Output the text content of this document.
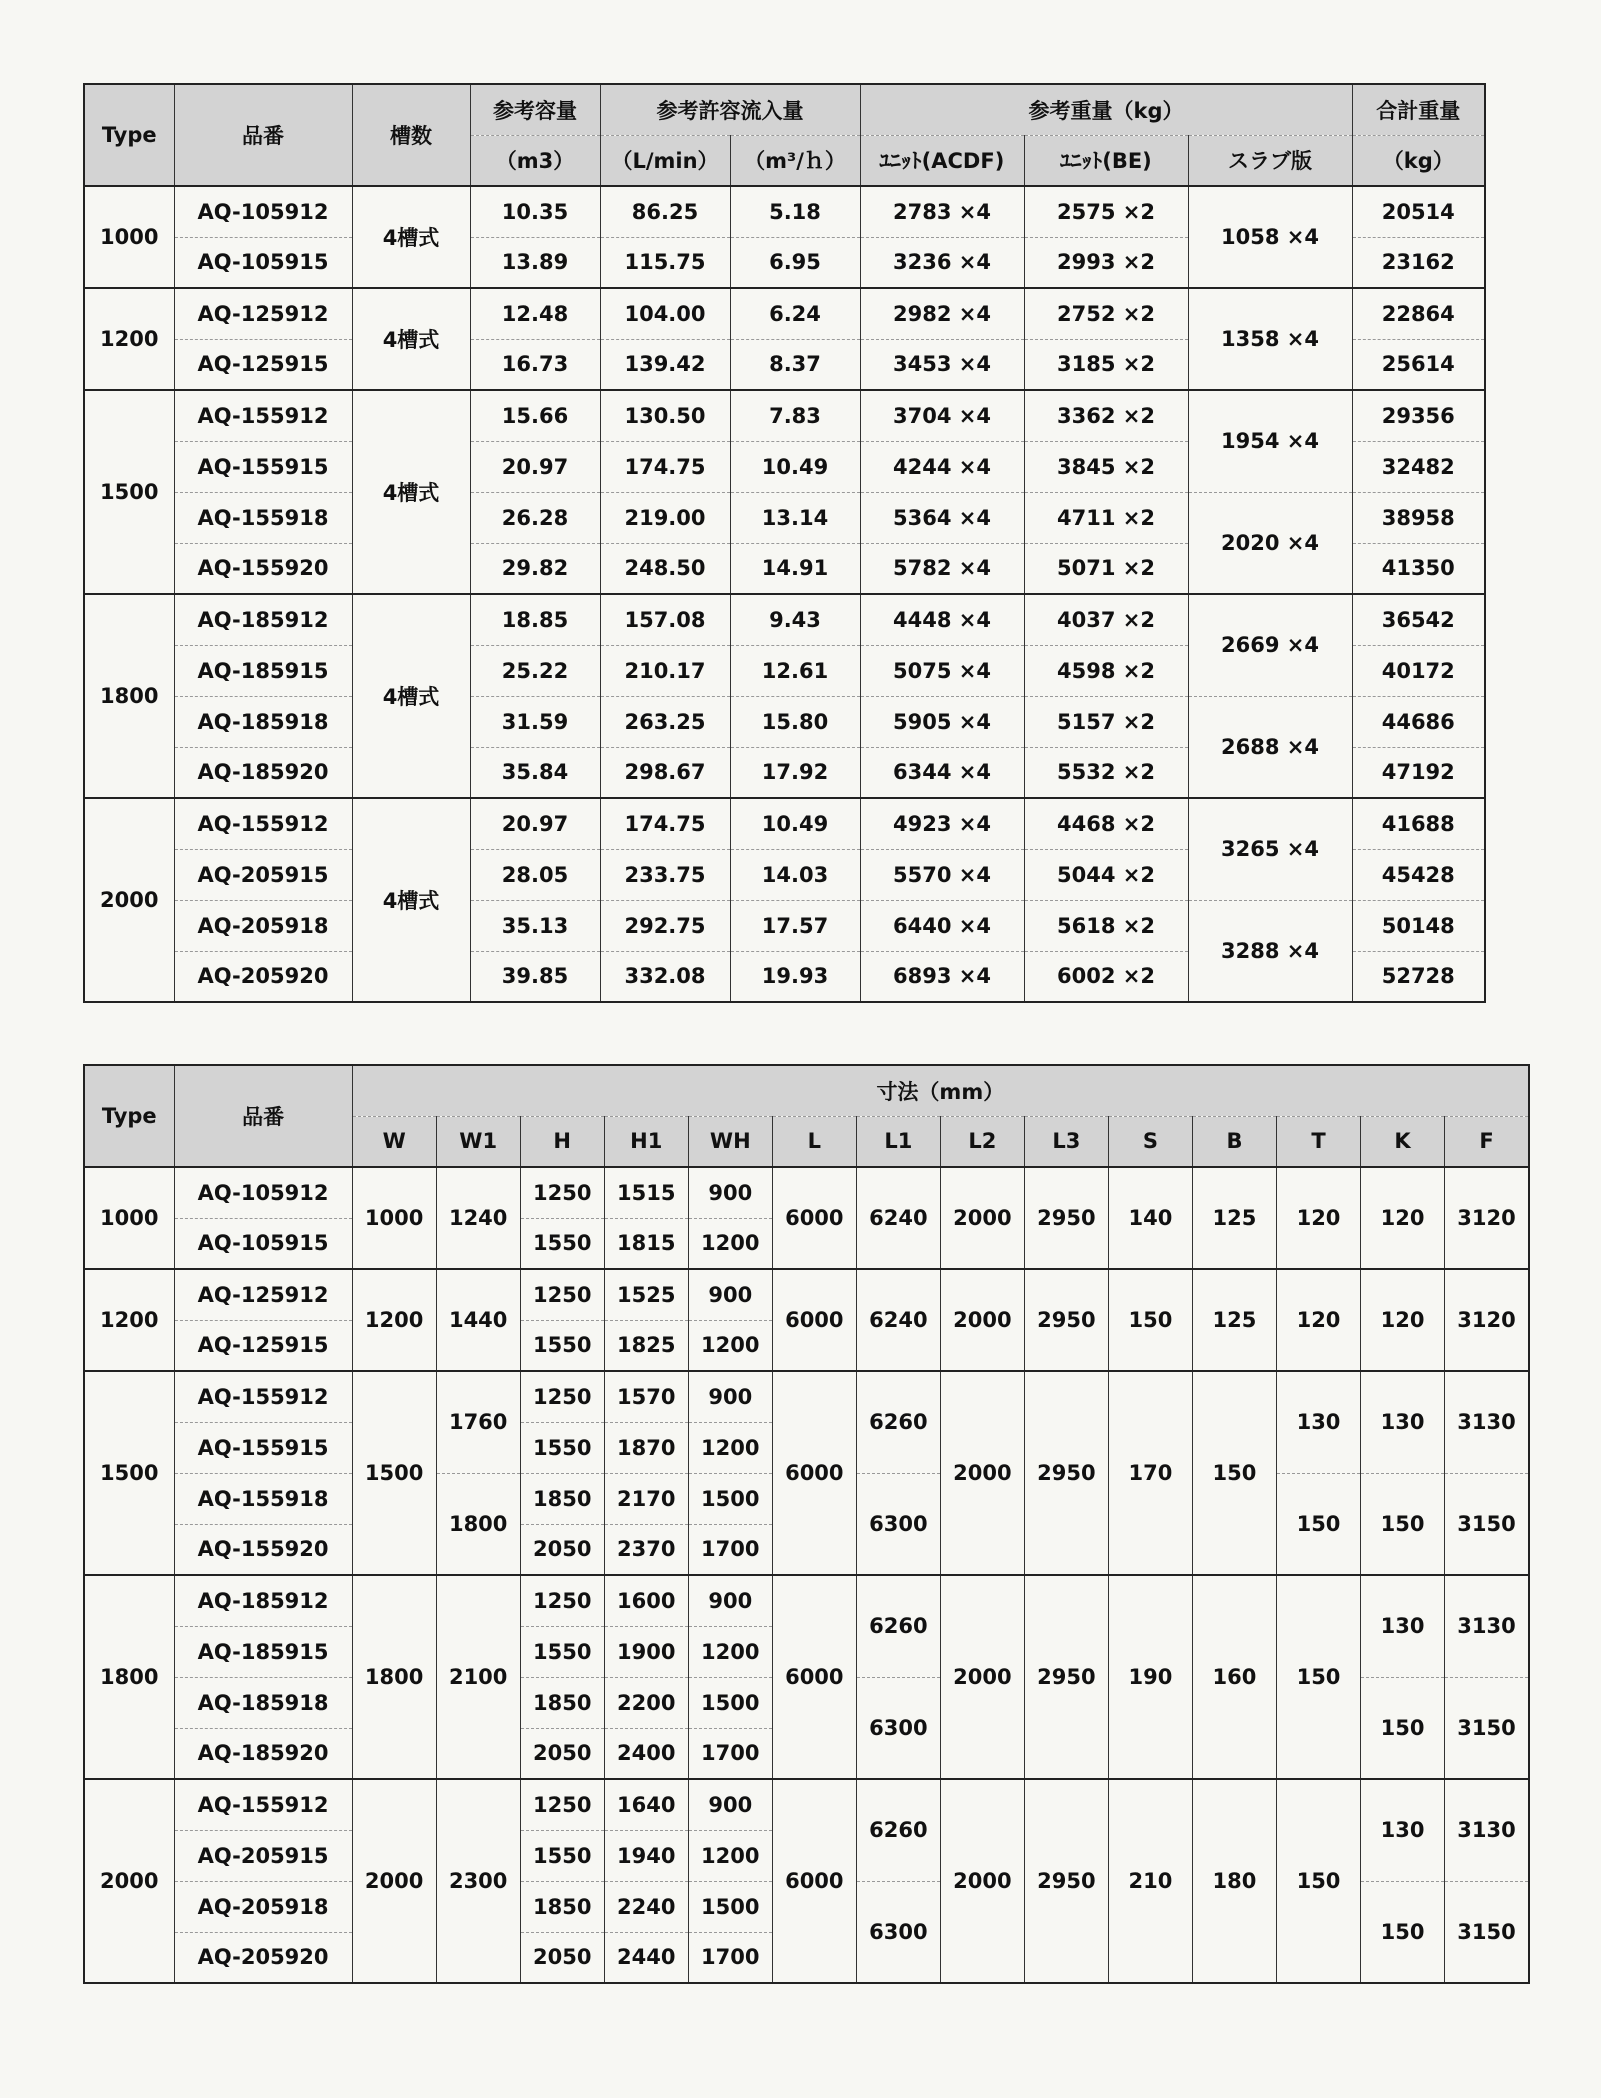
Type	品番	槽数	参考容量	参考許容流入量		参考重量（kg）			合計重量
			（m3）	（L/min）	（m³/ｈ）	ﾕﾆｯﾄ(ACDF)	ﾕﾆｯﾄ(BE)	スラブ版	（kg）
1000	AQ-105912	4槽式	10.35	86.25	5.18	2783 ×4	2575 ×2	1058 ×4	20514
	AQ-105915		13.89	115.75	6.95	3236 ×4	2993 ×2		23162
1200	AQ-125912	4槽式	12.48	104.00	6.24	2982 ×4	2752 ×2	1358 ×4	22864
	AQ-125915		16.73	139.42	8.37	3453 ×4	3185 ×2		25614
1500	AQ-155912	4槽式	15.66	130.50	7.83	3704 ×4	3362 ×2	1954 ×4	29356
	AQ-155915		20.97	174.75	10.49	4244 ×4	3845 ×2		32482
	AQ-155918		26.28	219.00	13.14	5364 ×4	4711 ×2	2020 ×4	38958
	AQ-155920		29.82	248.50	14.91	5782 ×4	5071 ×2		41350
1800	AQ-185912	4槽式	18.85	157.08	9.43	4448 ×4	4037 ×2	2669 ×4	36542
	AQ-185915		25.22	210.17	12.61	5075 ×4	4598 ×2		40172
	AQ-185918		31.59	263.25	15.80	5905 ×4	5157 ×2	2688 ×4	44686
	AQ-185920		35.84	298.67	17.92	6344 ×4	5532 ×2		47192
2000	AQ-155912	4槽式	20.97	174.75	10.49	4923 ×4	4468 ×2	3265 ×4	41688
	AQ-205915		28.05	233.75	14.03	5570 ×4	5044 ×2		45428
	AQ-205918		35.13	292.75	17.57	6440 ×4	5618 ×2	3288 ×4	50148
	AQ-205920		39.85	332.08	19.93	6893 ×4	6002 ×2		52728
Type	品番	寸法（mm）													
		W	W1	H	H1	WH	L	L1	L2	L3	S	B	T	K	F
1000	AQ-105912	1000	1240	1250	1515	900	6000	6240	2000	2950	140	125	120	120	3120
	AQ-105915			1550	1815	1200									
1200	AQ-125912	1200	1440	1250	1525	900	6000	6240	2000	2950	150	125	120	120	3120
	AQ-125915			1550	1825	1200									
1500	AQ-155912	1500	1760	1250	1570	900	6000	6260	2000	2950	170	150	130	130	3130
	AQ-155915			1550	1870	1200									
	AQ-155918		1800	1850	2170	1500		6300					150	150	3150
	AQ-155920			2050	2370	1700									
1800	AQ-185912	1800	2100	1250	1600	900	6000	6260	2000	2950	190	160	150	130	3130
	AQ-185915			1550	1900	1200									
	AQ-185918			1850	2200	1500		6300						150	3150
	AQ-185920			2050	2400	1700									
2000	AQ-155912	2000	2300	1250	1640	900	6000	6260	2000	2950	210	180	150	130	3130
	AQ-205915			1550	1940	1200									
	AQ-205918			1850	2240	1500		6300						150	3150
	AQ-205920			2050	2440	1700									
